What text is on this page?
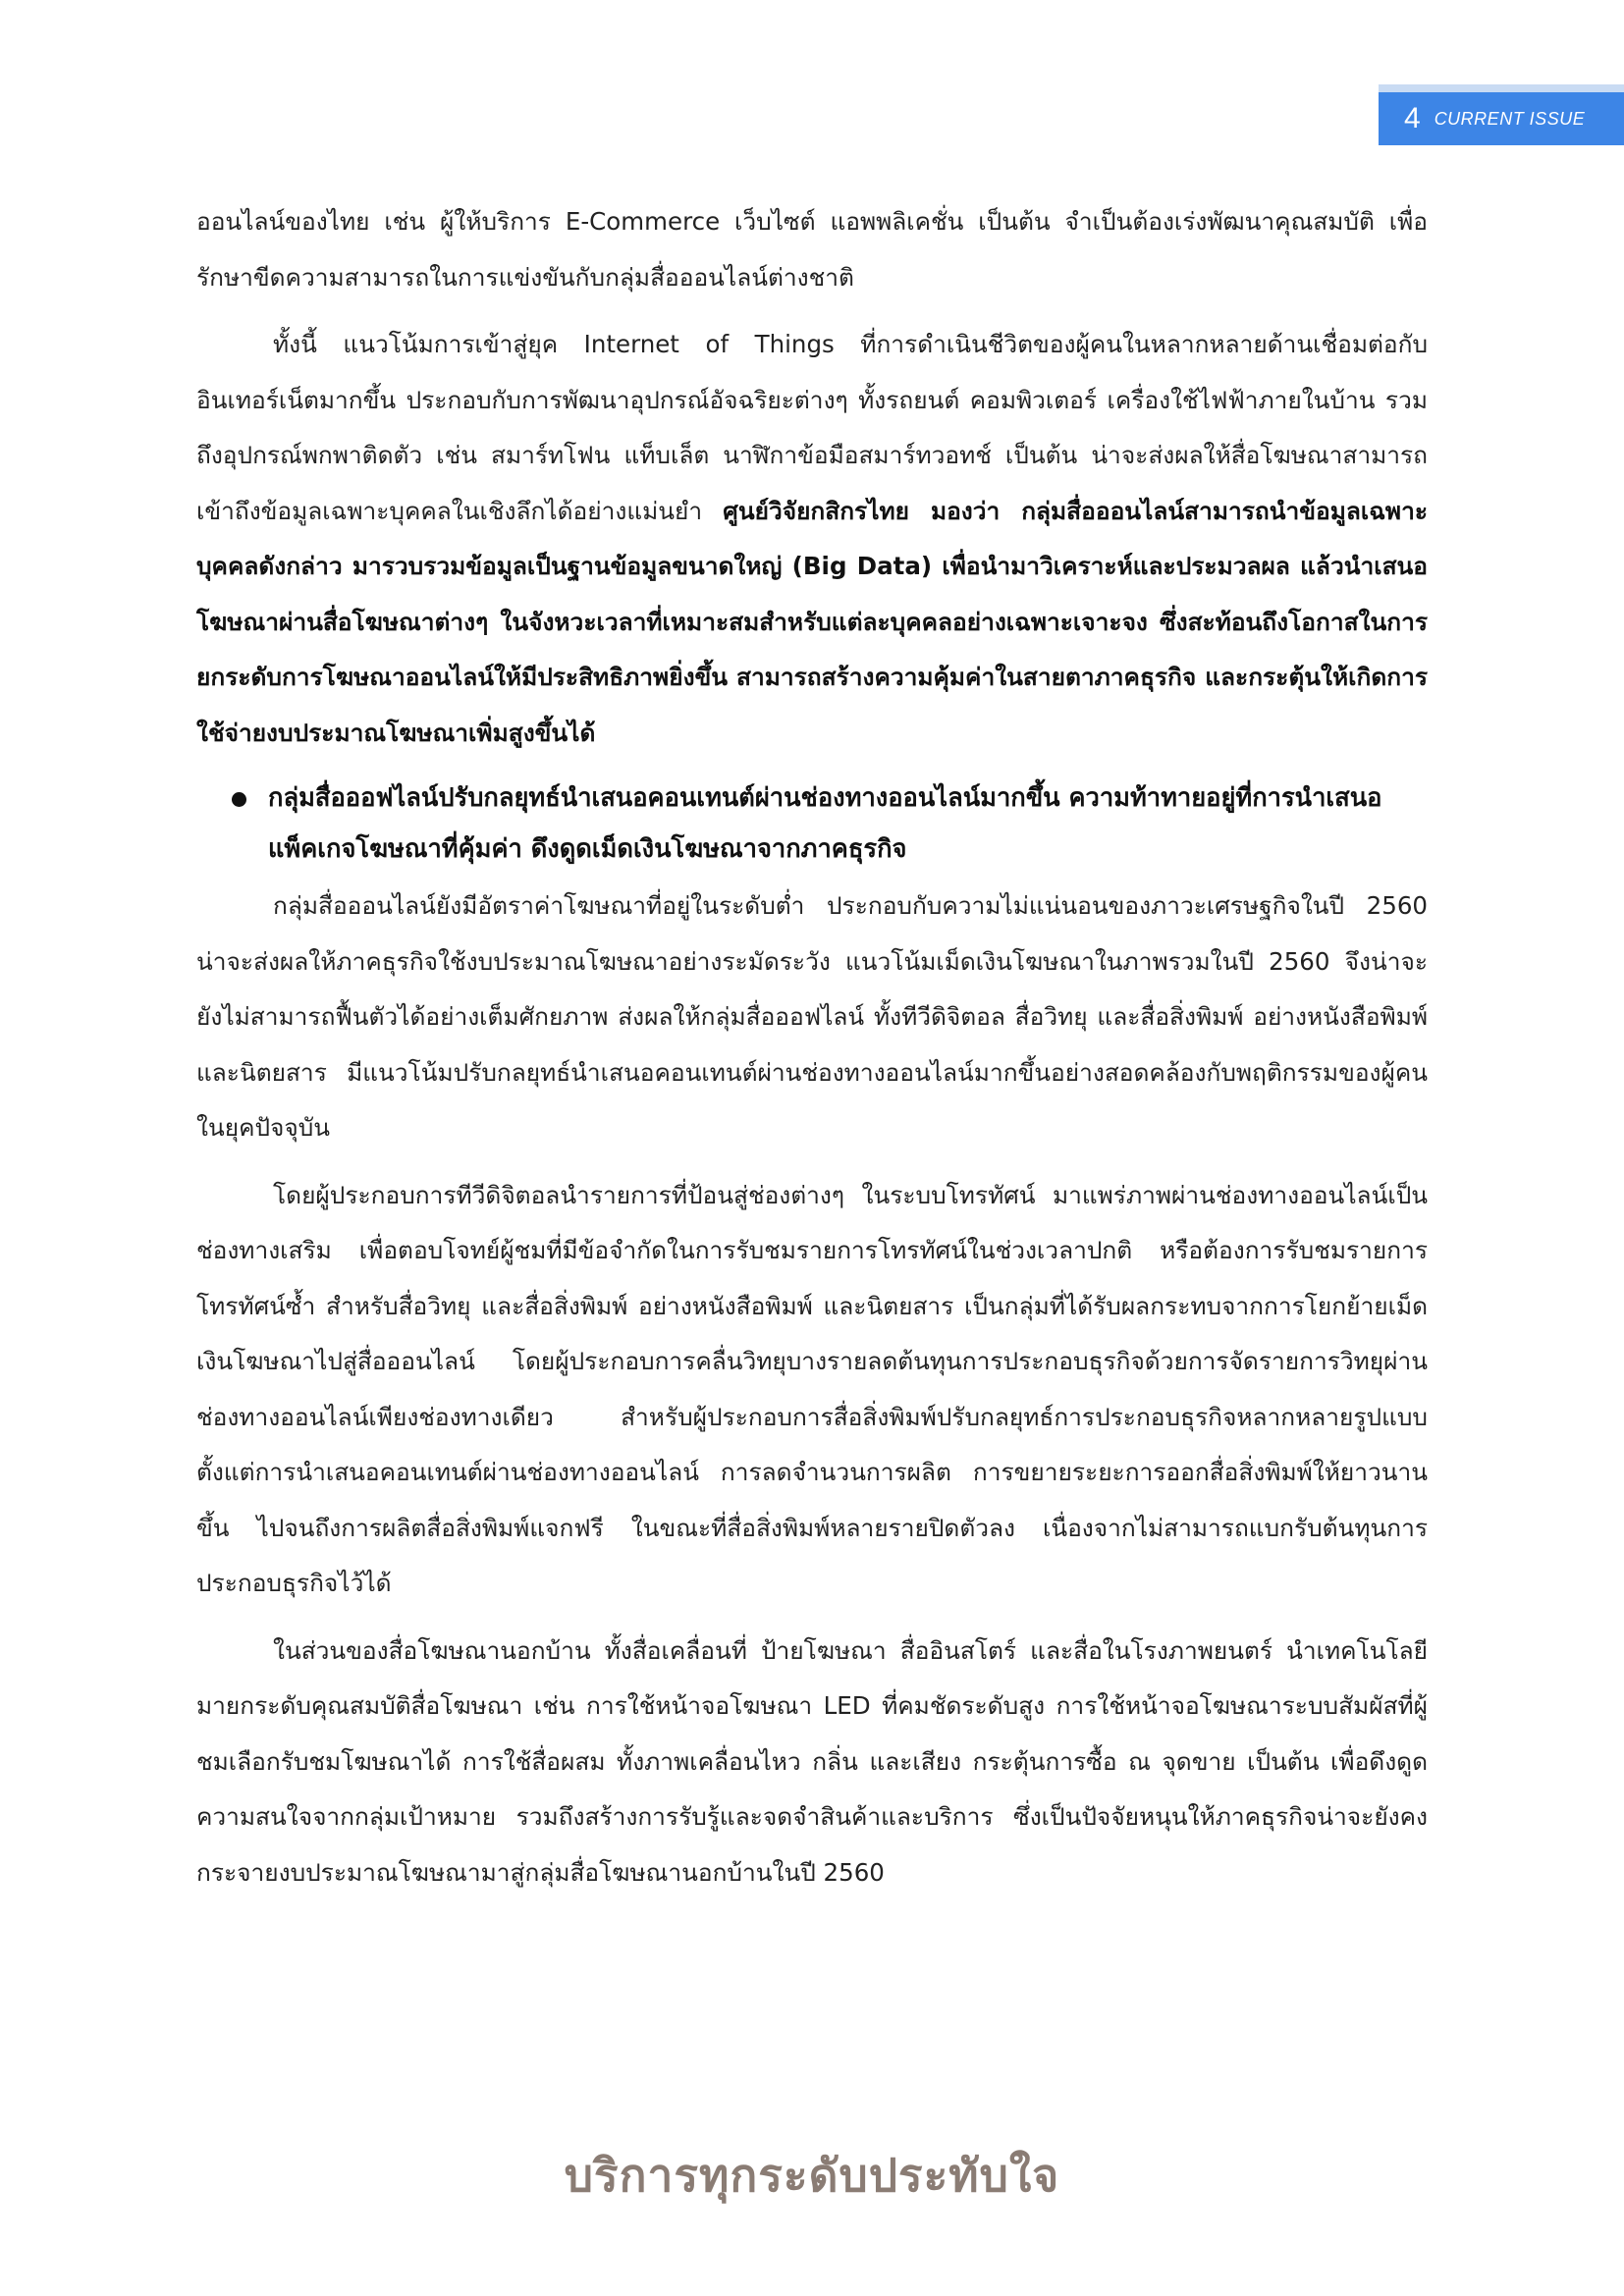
4 CURRENT ISSUE

ออนไลน์ของไทย เช่น ผู้ให้บริการ E-Commerce เว็บไซต์ แอพพลิเคชั่น เป็นต้น จำเป็นต้องเร่งพัฒนาคุณสมบัติ เพื่อรักษาขีดความสามารถในการแข่งขันกับกลุ่มสื่อออนไลน์ต่างชาติ

ทั้งนี้ แนวโน้มการเข้าสู่ยุค Internet of Things ที่การดำเนินชีวิตของผู้คนในหลากหลายด้านเชื่อมต่อกับอินเทอร์เน็ตมากขึ้น ประกอบกับการพัฒนาอุปกรณ์อัจฉริยะต่างๆ ทั้งรถยนต์ คอมพิวเตอร์ เครื่องใช้ไฟฟ้าภายในบ้าน รวมถึงอุปกรณ์พกพาติดตัว เช่น สมาร์ทโฟน แท็บเล็ต นาฬิกาข้อมือสมาร์ทวอทช์ เป็นต้น น่าจะส่งผลให้สื่อโฆษณาสามารถเข้าถึงข้อมูลเฉพาะบุคคลในเชิงลึกได้อย่างแม่นยำ ศูนย์วิจัยกสิกรไทย มองว่า กลุ่มสื่อออนไลน์สามารถนำข้อมูลเฉพาะบุคคลดังกล่าว มารวบรวมข้อมูลเป็นฐานข้อมูลขนาดใหญ่ (Big Data) เพื่อนำมาวิเคราะห์และประมวลผล แล้วนำเสนอโฆษณาผ่านสื่อโฆษณาต่างๆ ในจังหวะเวลาที่เหมาะสมสำหรับแต่ละบุคคลอย่างเฉพาะเจาะจง ซึ่งสะท้อนถึงโอกาสในการยกระดับการโฆษณาออนไลน์ให้มีประสิทธิภาพยิ่งขึ้น สามารถสร้างความคุ้มค่าในสายตาภาคธุรกิจ และกระตุ้นให้เกิดการใช้จ่ายงบประมาณโฆษณาเพิ่มสูงขึ้นได้

กลุ่มสื่อออฟไลน์ปรับกลยุทธ์นำเสนอคอนเทนต์ผ่านช่องทางออนไลน์มากขึ้น ความท้าทายอยู่ที่การนำเสนอแพ็คเกจโฆษณาที่คุ้มค่า ดึงดูดเม็ดเงินโฆษณาจากภาคธุรกิจ

กลุ่มสื่อออนไลน์ยังมีอัตราค่าโฆษณาที่อยู่ในระดับต่ำ ประกอบกับความไม่แน่นอนของภาวะเศรษฐกิจในปี 2560 น่าจะส่งผลให้ภาคธุรกิจใช้งบประมาณโฆษณาอย่างระมัดระวัง แนวโน้มเม็ดเงินโฆษณาในภาพรวมในปี 2560 จึงน่าจะยังไม่สามารถฟื้นตัวได้อย่างเต็มศักยภาพ ส่งผลให้กลุ่มสื่อออฟไลน์ ทั้งทีวีดิจิตอล สื่อวิทยุ และสื่อสิ่งพิมพ์ อย่างหนังสือพิมพ์ และนิตยสาร มีแนวโน้มปรับกลยุทธ์นำเสนอคอนเทนต์ผ่านช่องทางออนไลน์มากขึ้นอย่างสอดคล้องกับพฤติกรรมของผู้คนในยุคปัจจุบัน

โดยผู้ประกอบการทีวีดิจิตอลนำรายการที่ป้อนสู่ช่องต่างๆ ในระบบโทรทัศน์ มาแพร่ภาพผ่านช่องทางออนไลน์เป็นช่องทางเสริม เพื่อตอบโจทย์ผู้ชมที่มีข้อจำกัดในการรับชมรายการโทรทัศน์ในช่วงเวลาปกติ หรือต้องการรับชมรายการโทรทัศน์ซ้ำ สำหรับสื่อวิทยุ และสื่อสิ่งพิมพ์ อย่างหนังสือพิมพ์ และนิตยสาร เป็นกลุ่มที่ได้รับผลกระทบจากการโยกย้ายเม็ดเงินโฆษณาไปสู่สื่อออนไลน์ โดยผู้ประกอบการคลื่นวิทยุบางรายลดต้นทุนการประกอบธุรกิจด้วยการจัดรายการวิทยุผ่านช่องทางออนไลน์เพียงช่องทางเดียว สำหรับผู้ประกอบการสื่อสิ่งพิมพ์ปรับกลยุทธ์การประกอบธุรกิจหลากหลายรูปแบบ ตั้งแต่การนำเสนอคอนเทนต์ผ่านช่องทางออนไลน์ การลดจำนวนการผลิต การขยายระยะการออกสื่อสิ่งพิมพ์ให้ยาวนานขึ้น ไปจนถึงการผลิตสื่อสิ่งพิมพ์แจกฟรี ในขณะที่สื่อสิ่งพิมพ์หลายรายปิดตัวลง เนื่องจากไม่สามารถแบกรับต้นทุนการประกอบธุรกิจไว้ได้

ในส่วนของสื่อโฆษณานอกบ้าน ทั้งสื่อเคลื่อนที่ ป้ายโฆษณา สื่ออินสโตร์ และสื่อในโรงภาพยนตร์ นำเทคโนโลยีมายกระดับคุณสมบัติสื่อโฆษณา เช่น การใช้หน้าจอโฆษณา LED ที่คมชัดระดับสูง การใช้หน้าจอโฆษณาระบบสัมผัสที่ผู้ชมเลือกรับชมโฆษณาได้ การใช้สื่อผสม ทั้งภาพเคลื่อนไหว กลิ่น และเสียง กระตุ้นการซื้อ ณ จุดขาย เป็นต้น เพื่อดึงดูดความสนใจจากกลุ่มเป้าหมาย รวมถึงสร้างการรับรู้และจดจำสินค้าและบริการ ซึ่งเป็นปัจจัยหนุนให้ภาคธุรกิจน่าจะยังคงกระจายงบประมาณโฆษณามาสู่กลุ่มสื่อโฆษณานอกบ้านในปี 2560

บริการทุกระดับประทับใจ
